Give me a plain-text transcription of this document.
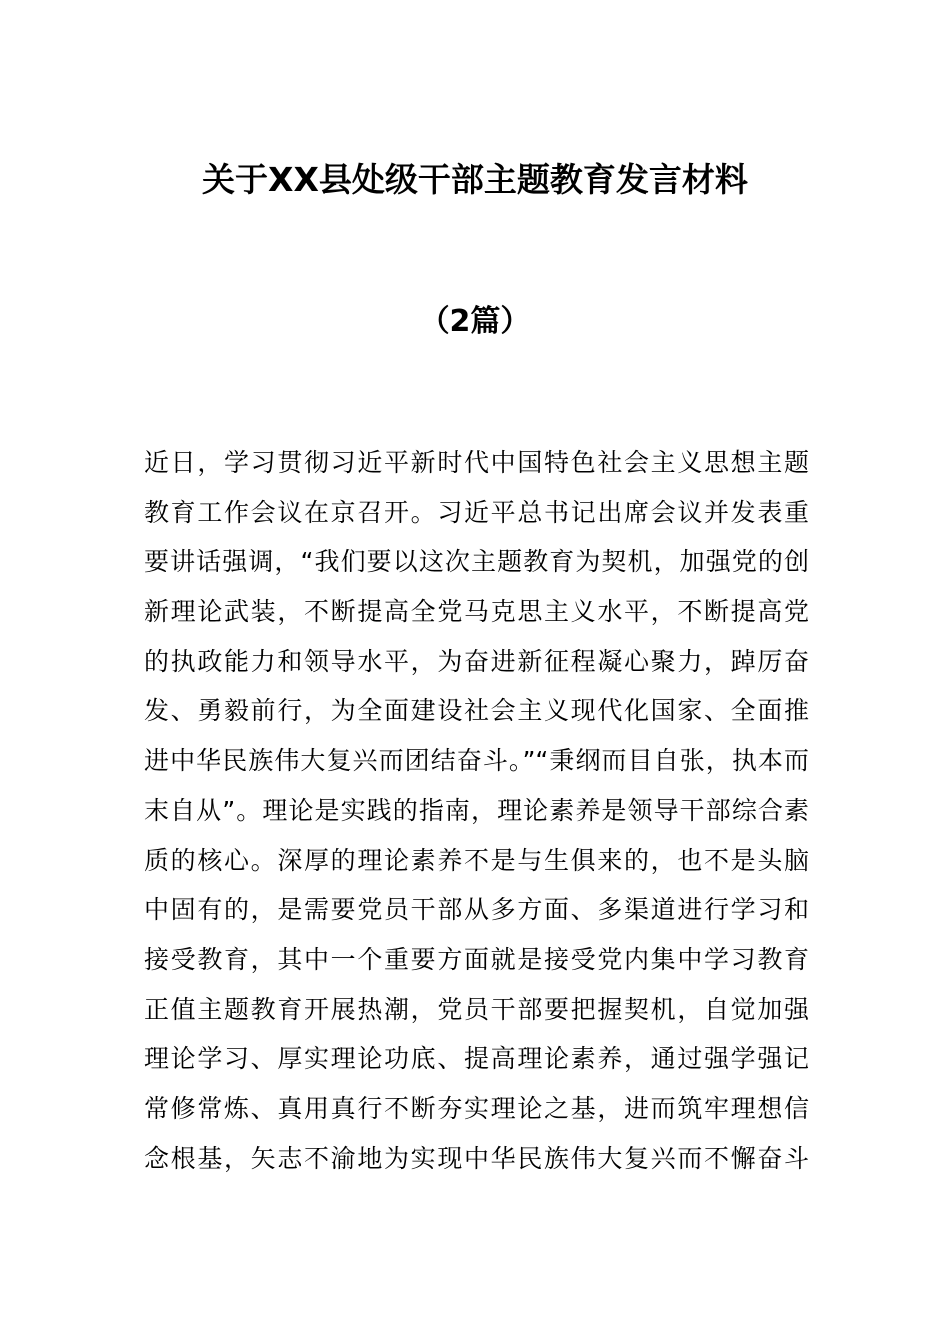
关于XX县处级干部主题教育发言材料
（2篇）
近日，学习贯彻习近平新时代中国特色社会主义思想主题
教育工作会议在京召开。习近平总书记出席会议并发表重
要讲话强调，“我们要以这次主题教育为契机，加强党的创
新理论武装，不断提高全党马克思主义水平，不断提高党
的执政能力和领导水平，为奋进新征程凝心聚力，踔厉奋
发、勇毅前行，为全面建设社会主义现代化国家、全面推
进中华民族伟大复兴而团结奋斗。”“秉纲而目自张，执本而
末自从”。理论是实践的指南，理论素养是领导干部综合素
质的核心。深厚的理论素养不是与生俱来的，也不是头脑
中固有的，是需要党员干部从多方面、多渠道进行学习和
接受教育，其中一个重要方面就是接受党内集中学习教育
正值主题教育开展热潮，党员干部要把握契机，自觉加强
理论学习、厚实理论功底、提高理论素养，通过强学强记
常修常炼、真用真行不断夯实理论之基，进而筑牢理想信
念根基，矢志不渝地为实现中华民族伟大复兴而不懈奋斗
